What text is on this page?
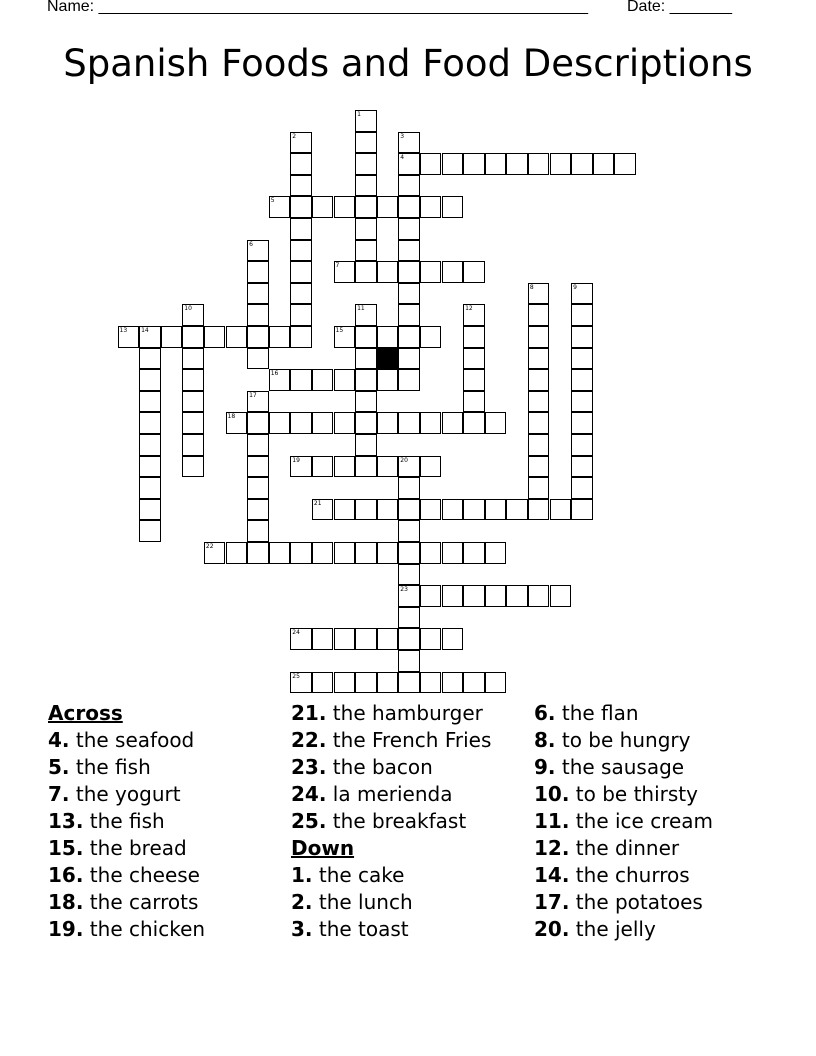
Name: _______________________________________________________ Date: _______
Spanish Foods and Food Descriptions
1
2	3
4
5
6
7
8	9
10	11	12
13 14	15
16
17
18
19	20
23
21
22
24
25
Across
4. the seafood
5. the fish
7. the yogurt
13. the fish
15. the bread
16. the cheese
18. the carrots
19. the chicken
21. the hamburger
22. the French Fries
23. the bacon
24. la merienda
25. the breakfast
Down
1. the cake
2. the lunch
3. the toast
6. the flan
8. to be hungry
9. the sausage
10. to be thirsty
11. the ice cream
12. the dinner
14. the churros
17. the potatoes
20. the jelly
